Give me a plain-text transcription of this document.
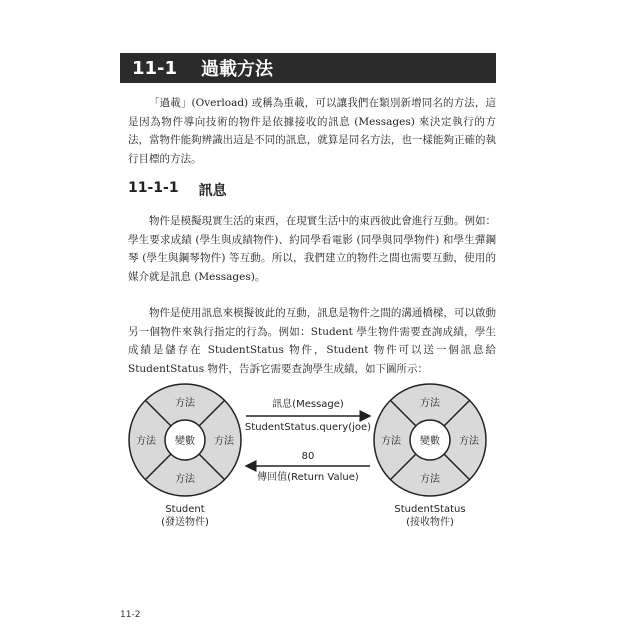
11-1 過載方法

「過載」(Overload) 或稱為重載，可以讓我們在類別新增同名的方法，這是因為物件導向技術的物件是依據接收的訊息 (Messages) 來決定執行的方法，當物件能夠辨識出這是不同的訊息，就算是同名方法，也一樣能夠正確的執行目標的方法。

11-1-1 訊息

物件是模擬現實生活的東西，在現實生活中的東西彼此會進行互動。例如：學生要求成績 (學生與成績物件)、約同學看電影 (同學與同學物件) 和學生彈鋼琴 (學生與鋼琴物件) 等互動。所以，我們建立的物件之間也需要互動，使用的媒介就是訊息 (Messages)。

物件是使用訊息來模擬彼此的互動，訊息是物件之間的溝通橋樑，可以啟動另一個物件來執行指定的行為。例如：Student 學生物件需要查詢成績，學生成績是儲存在 StudentStatus 物件，Student 物件可以送一個訊息給 StudentStatus 物件，告訴它需要查詢學生成績，如下圖所示：

方法
方法
方法	方法
變數
Student
(發送物件)
方法
方法
方法	方法
變數
StudentStatus
(接收物件)
訊息(Message)
StudentStatus.query(joe)
80
傳回值(Return Value)
11-2
